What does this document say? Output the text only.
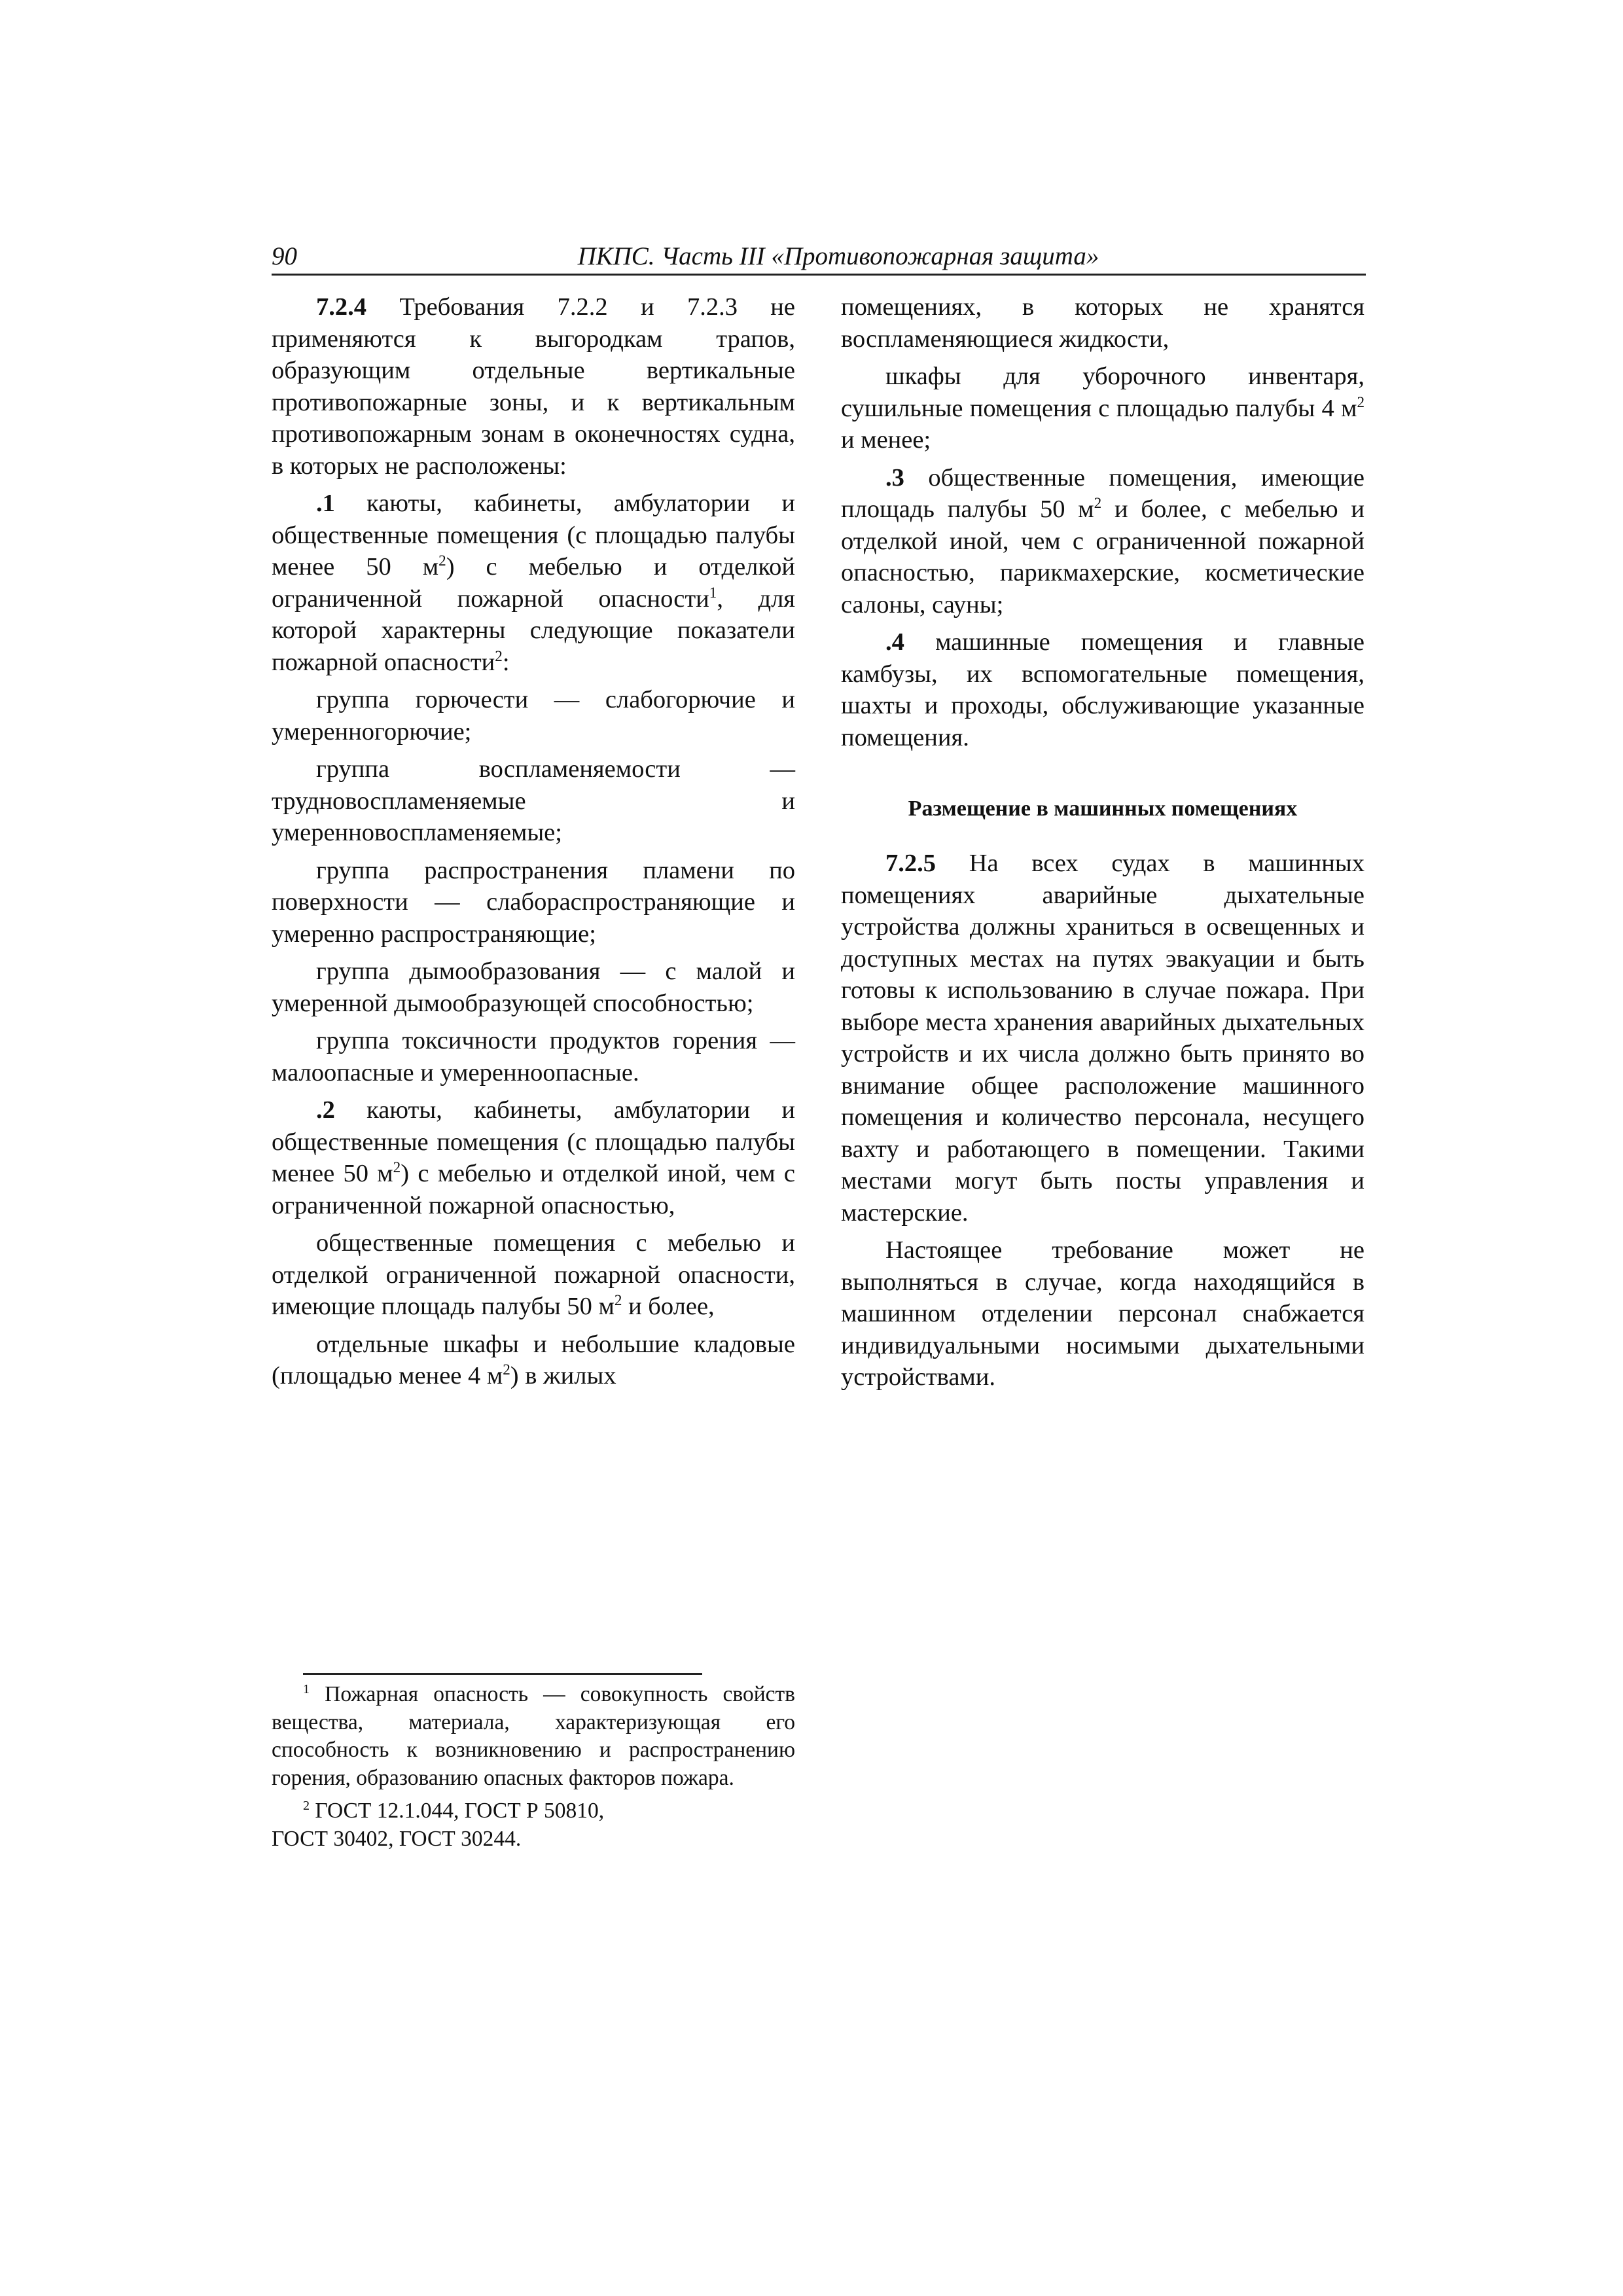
90	ПКПС. Часть III «Противопожарная защита»

7.2.4 Требования 7.2.2 и 7.2.3 не применяются к выгородкам трапов, образующим отдельные вертикальные противопожарные зоны, и к вертикальным противопожарным зонам в оконечностях судна, в которых не расположены:

.1 каюты, кабинеты, амбулатории и общественные помещения (с площадью палубы менее 50 $м^2$) с мебелью и отделкой ограниченной пожарной опасности$^1$, для которой характерны следующие показатели пожарной опасности$^2$:

группа горючести — слабогорючие и умеренногорючие;

группа воспламеняемости — трудновоспламеняемые и умеренновоспламеняемые;

группа распространения пламени по поверхности — слабораспространяющие и умеренно распространяющие;

группа дымообразования — с малой и умеренной дымообразующей способностью;

группа токсичности продуктов горения — малоопасные и умеренноопасные.

.2 каюты, кабинеты, амбулатории и общественные помещения (с площадью палубы менее 50 $м^2$) с мебелью и отделкой иной, чем с ограниченной пожарной опасностью,

общественные помещения с мебелью и отделкой ограниченной пожарной опасности, имеющие площадь палубы 50 $м^2$ и более,

отдельные шкафы и небольшие кладовые (площадью менее 4 $м^2$) в жилых

помещениях, в которых не хранятся воспламеняющиеся жидкости,

шкафы для уборочного инвентаря, сушильные помещения с площадью палубы 4 $м^2$ и менее;

.3 общественные помещения, имеющие площадь палубы 50 $м^2$ и более, с мебелью и отделкой иной, чем с ограниченной пожарной опасностью, парикмахерские, косметические салоны, сауны;

.4 машинные помещения и главные камбузы, их вспомогательные помещения, шахты и проходы, обслуживающие указанные помещения.

Размещение в машинных помещениях

7.2.5 На всех судах в машинных помещениях аварийные дыхательные устройства должны храниться в освещенных и доступных местах на путях эвакуации и быть готовы к использованию в случае пожара. При выборе места хранения аварийных дыхательных устройств и их числа должно быть принято во внимание общее расположение машинного помещения и количество персонала, несущего вахту и работающего в помещении. Такими местами могут быть посты управления и мастерские.

Настоящее требование может не выполняться в случае, когда находящийся в машинном отделении персонал снабжается индивидуальными носимыми дыхательными устройствами.

$^1$ Пожарная опасность — совокупность свойств вещества, материала, характеризующая его способность к возникновению и распространению горения, образованию опасных факторов пожара.

$^2$ ГОСТ 12.1.044, ГОСТ Р 50810,
ГОСТ 30402, ГОСТ 30244.
